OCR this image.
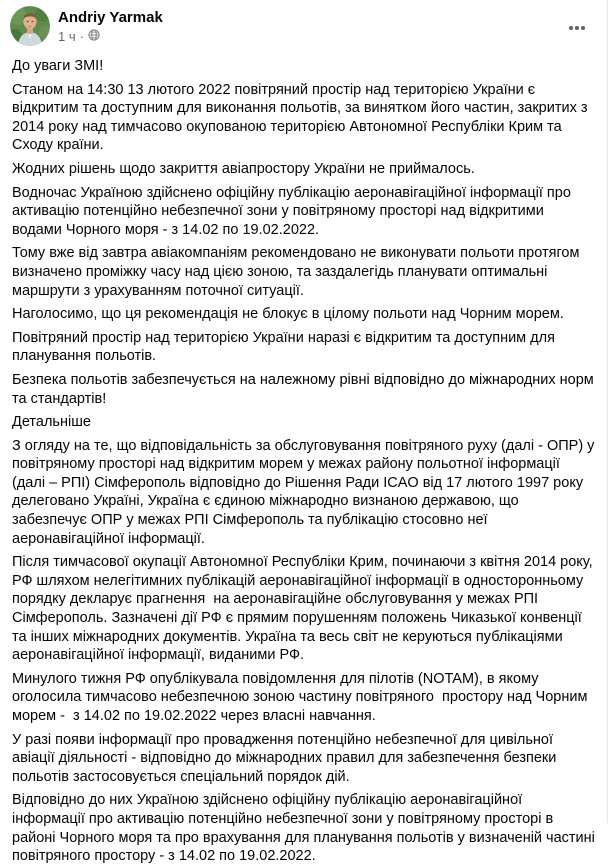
Andriy Yarmak
1 ч ·

До уваги ЗМІ!

Станом на 14:30 13 лютого 2022 повітряний простір над територією України є відкритим та доступним для виконання польотів, за винятком його частин, закритих з 2014 року над тимчасово окупованою територією Автономної Республіки Крим та Сходу країни.

Жодних рішень щодо закриття авіапростору України не приймалось.

Водночас Україною здійснено офіційну публікацію аеронавігаційної інформації про активацію потенційно небезпечної зони у повітряному просторі над відкритими водами Чорного моря - з 14.02 по 19.02.2022.

Тому вже від завтра авіакомпаніям рекомендовано не виконувати польоти протягом визначено проміжку часу над цією зоною, та заздалегідь планувати оптимальні маршрути з урахуванням поточної ситуації.

Наголосимо, що ця рекомендація не блокує в цілому польоти над Чорним морем.

Повітряний простір над територією України наразі є відкритим та доступним для планування польотів.

Безпека польотів забезпечується на належному рівні відповідно до міжнародних норм та стандартів!

Детальніше

З огляду на те, що відповідальність за обслуговування повітряного руху (далі - ОПР) у повітряному просторі над відкритим морем у межах району польотної інформації (далі – РПІ) Сімферополь відповідно до Рішення Ради ICAO від 17 лютого 1997 року делеговано Україні, Україна є єдиною міжнародно визнаною державою, що забезпечує ОПР у межах РПІ Сімферополь та публікацію стосовно неї аеронавігаційної інформації.

Після тимчасової окупації Автономної Республіки Крим, починаючи з квітня 2014 року, РФ шляхом нелегітимних публікацій аеронавігаційної інформації в односторонньому порядку декларує прагнення  на аеронавігаційне обслуговування у межах РПІ Сімферополь. Зазначені дії РФ є прямим порушенням положень Чиказької конвенції та інших міжнародних документів. Україна та весь світ не керуються публікаціями аеронавігаційної інформації, виданими РФ.

Минулого тижня РФ опублікувала повідомлення для пілотів (NOTAM), в якому оголосила тимчасово небезпечною зоною частину повітряного  простору над Чорним морем -  з 14.02 по 19.02.2022 через власні навчання.

У разі появи інформації про провадження потенційно небезпечної для цивільної авіації діяльності - відповідно до міжнародних правил для забезпечення безпеки польотів застосовується спеціальний порядок дій.

Відповідно до них Україною здійснено офіційну публікацію аеронавігаційної інформації про активацію потенційно небезпечної зони у повітряному просторі в районі Чорного моря та про врахування для планування польотів у визначеній частині повітряного простору - з 14.02 по 19.02.2022.
